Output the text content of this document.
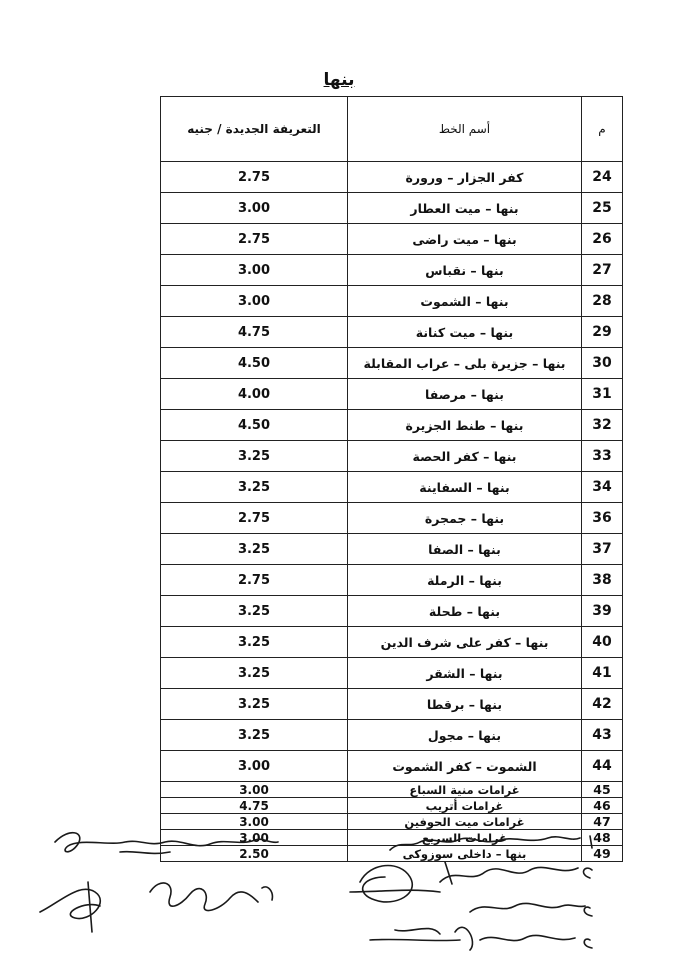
بنها
م	أسم الخط	التعريفة الجديدة / جنيه
24	كفر الجزار – ورورة	2.75
25	بنها – ميت العطار	3.00
26	بنها – ميت راضى	2.75
27	بنها – نقباس	3.00
28	بنها – الشموت	3.00
29	بنها – ميت كنانة	4.75
30	بنها – جزيرة بلى – عراب المقابلة	4.50
31	بنها – مرصفا	4.00
32	بنها – طنط الجزيرة	4.50
33	بنها – كفر الحصة	3.25
34	بنها – السفاينة	3.25
36	بنها – جمجرة	2.75
37	بنها – الصفا	3.25
38	بنها – الرملة	2.75
39	بنها – طحلة	3.25
40	بنها – كفر على شرف الدين	3.25
41	بنها – الشقر	3.25
42	بنها – برقطا	3.25
43	بنها – مجول	3.25
44	الشموت – كفر الشموت	3.00
45	غرامات منية السباع	3.00
46	غرامات أتريب	4.75
47	غرامات ميت الحوفين	3.00
48	غرامات السريع	3.00
49	بنها – داخلى سوزوكى	2.50
